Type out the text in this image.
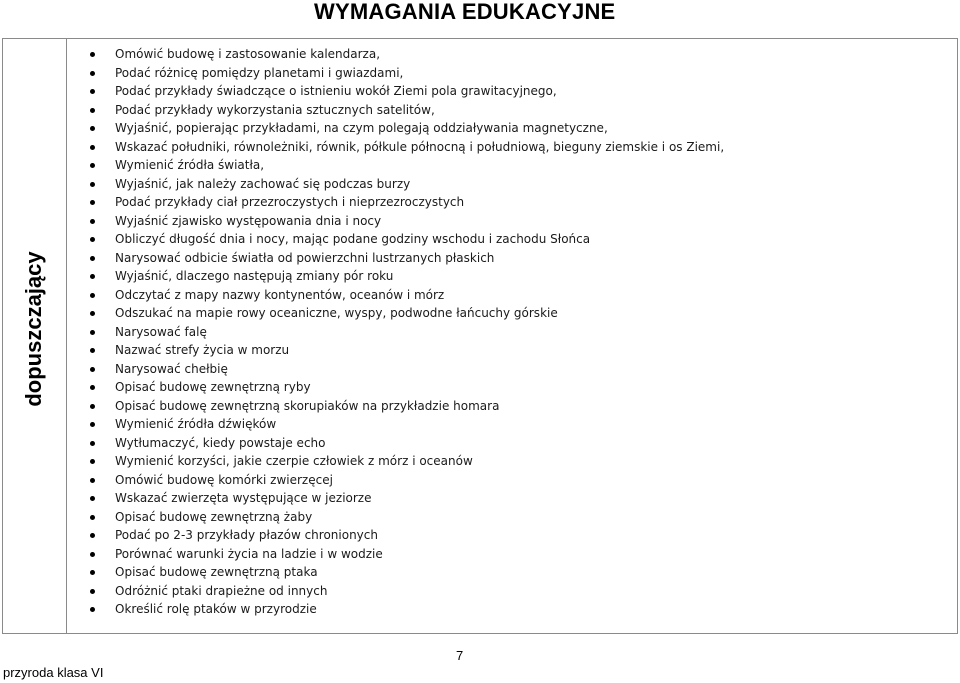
WYMAGANIA EDUKACYJNE
dopuszczający
Omówić budowę i zastosowanie kalendarza,
Podać różnicę pomiędzy planetami i gwiazdami,
Podać przykłady świadczące o istnieniu wokół Ziemi pola grawitacyjnego,
Podać przykłady wykorzystania sztucznych satelitów,
Wyjaśnić, popierając przykładami, na czym polegają oddziaływania magnetyczne,
Wskazać południki, równoleżniki, równik, półkule północną i południową, bieguny ziemskie i os Ziemi,
Wymienić źródła światła,
Wyjaśnić, jak należy zachować się podczas burzy
Podać przykłady ciał przezroczystych i nieprzezroczystych
Wyjaśnić zjawisko występowania dnia i nocy
Obliczyć długość dnia i nocy, mając podane godziny wschodu i zachodu Słońca
Narysować odbicie światła od powierzchni lustrzanych płaskich
Wyjaśnić, dlaczego następują zmiany pór roku
Odczytać z mapy nazwy kontynentów, oceanów i mórz
Odszukać na mapie rowy oceaniczne, wyspy, podwodne łańcuchy górskie
Narysować falę
Nazwać strefy życia w morzu
Narysować chełbię
Opisać budowę zewnętrzną ryby
Opisać budowę zewnętrzną skorupiaków na przykładzie homara
Wymienić źródła dźwięków
Wytłumaczyć, kiedy powstaje echo
Wymienić korzyści, jakie czerpie człowiek z mórz i oceanów
Omówić budowę komórki zwierzęcej
Wskazać zwierzęta występujące w jeziorze
Opisać budowę zewnętrzną żaby
Podać po 2-3 przykłady płazów chronionych
Porównać warunki życia na ladzie i w wodzie
Opisać budowę zewnętrzną ptaka
Odróżnić ptaki drapieżne od innych
Określić rolę ptaków w przyrodzie
7
przyroda klasa VI
